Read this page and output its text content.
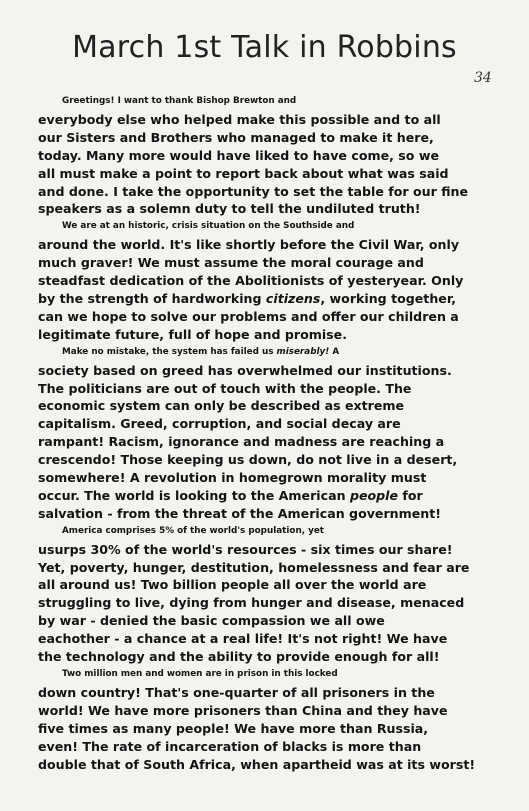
March 1st Talk in Robbins
34

Greetings! I want to thank Bishop Brewton and
everybody else who helped make this possible and to all
our Sisters and Brothers who managed to make it here,
today. Many more would have liked to have come, so we
all must make a point to report back about what was said
and done. I take the opportunity to set the table for our fine
speakers as a solemn duty to tell the undiluted truth!

We are at an historic, crisis situation on the Southside and
around the world. It's like shortly before the Civil War, only
much graver! We must assume the moral courage and
steadfast dedication of the Abolitionists of yesteryear. Only
by the strength of hardworking citizens, working together,
can we hope to solve our problems and offer our children a
legitimate future, full of hope and promise.

Make no mistake, the system has failed us miserably! A
society based on greed has overwhelmed our institutions.
The politicians are out of touch with the people. The
economic system can only be described as extreme
capitalism. Greed, corruption, and social decay are
rampant! Racism, ignorance and madness are reaching a
crescendo! Those keeping us down, do not live in a desert,
somewhere! A revolution in homegrown morality must
occur. The world is looking to the American people for
salvation - from the threat of the American government!

America comprises 5% of the world's population, yet
usurps 30% of the world's resources - six times our share!
Yet, poverty, hunger, destitution, homelessness and fear are
all around us! Two billion people all over the world are
struggling to live, dying from hunger and disease, menaced
by war - denied the basic compassion we all owe
eachother - a chance at a real life! It's not right! We have
the technology and the ability to provide enough for all!

Two million men and women are in prison in this locked
down country! That's one-quarter of all prisoners in the
world! We have more prisoners than China and they have
five times as many people! We have more than Russia,
even! The rate of incarceration of blacks is more than
double that of South Africa, when apartheid was at its worst!
